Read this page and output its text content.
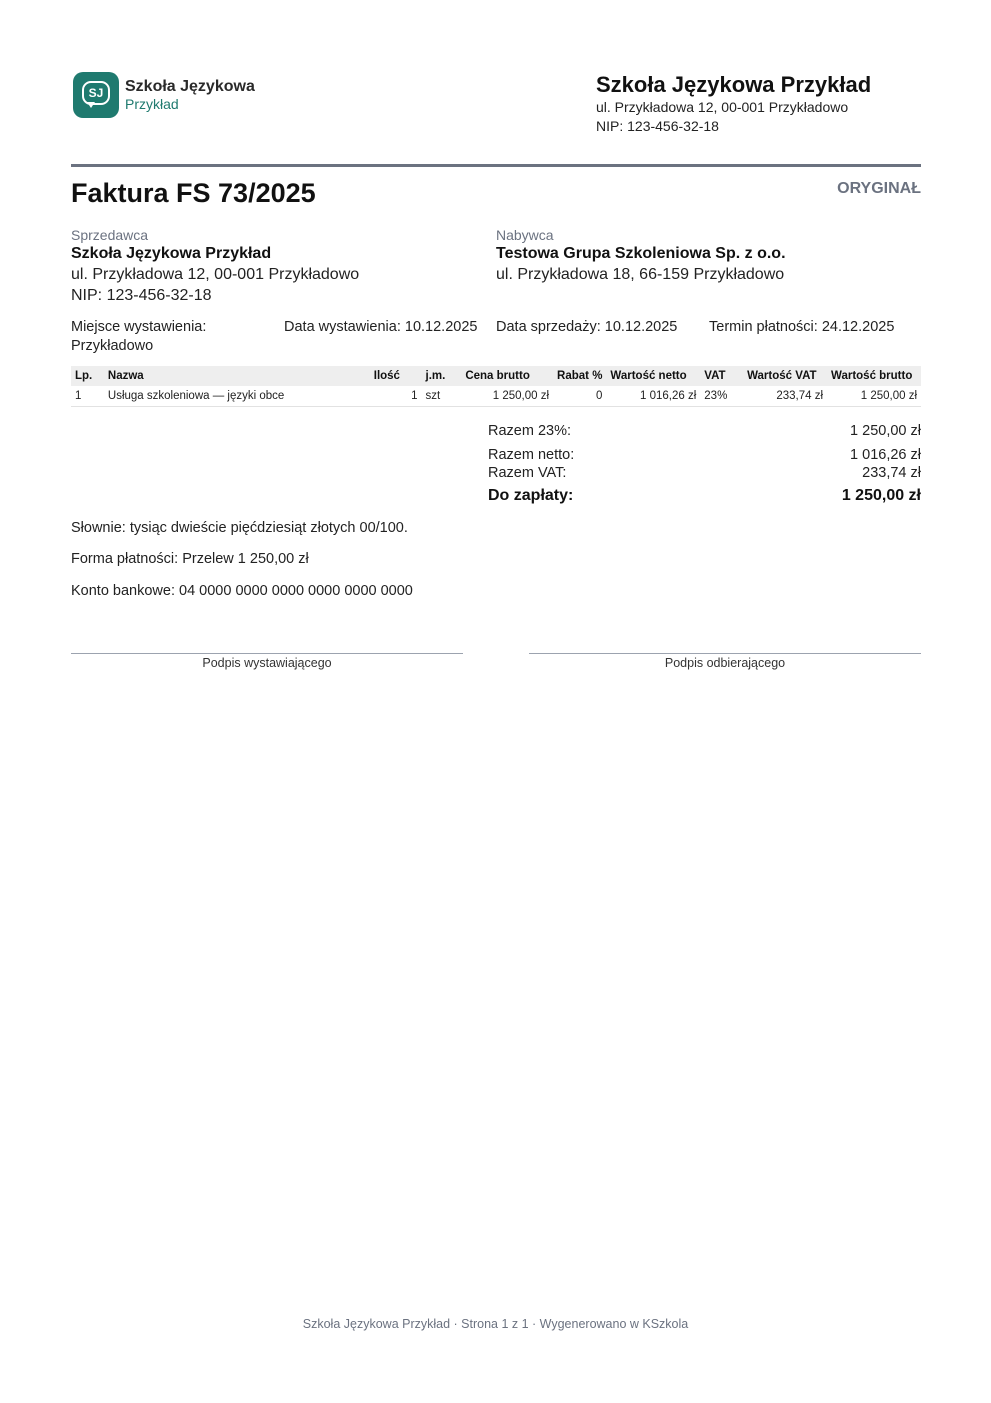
SJ	Szkoła Językowa
Przykład
Szkoła Językowa Przykład
ul. Przykładowa 12, 00-001 Przykładowo
NIP: 123-456-32-18
Faktura FS 73/2025	ORYGINAŁ
Sprzedawca
Szkoła Językowa Przykład
ul. Przykładowa 12, 00-001 Przykładowo
NIP: 123-456-32-18
Nabywca
Testowa Grupa Szkoleniowa Sp. z o.o.
ul. Przykładowa 18, 66-159 Przykładowo
Miejsce wystawienia: Przykładowo
Data wystawienia: 10.12.2025 Data sprzedaży: 10.12.2025 Termin płatności: 24.12.2025
Lp.	Nazwa	Ilość	j.m.	Cena brutto	Rabat %	Wartość netto	VAT	Wartość VAT	Wartość brutto
1	Usługa szkoleniowa — języki obce	1	szt	1 250,00 zł	0	1 016,26 zł	23%	233,74 zł	1 250,00 zł
Razem 23%:	1 250,00 zł
Razem netto:	1 016,26 zł
Razem VAT:	233,74 zł
Do zapłaty:	1 250,00 zł
Słownie: tysiąc dwieście pięćdziesiąt złotych 00/100.
Forma płatności: Przelew 1 250,00 zł
Konto bankowe: 04 0000 0000 0000 0000 0000 0000
Podpis wystawiającego	Podpis odbierającego
Szkoła Językowa Przykład · Strona 1 z 1 · Wygenerowano w KSzkola
